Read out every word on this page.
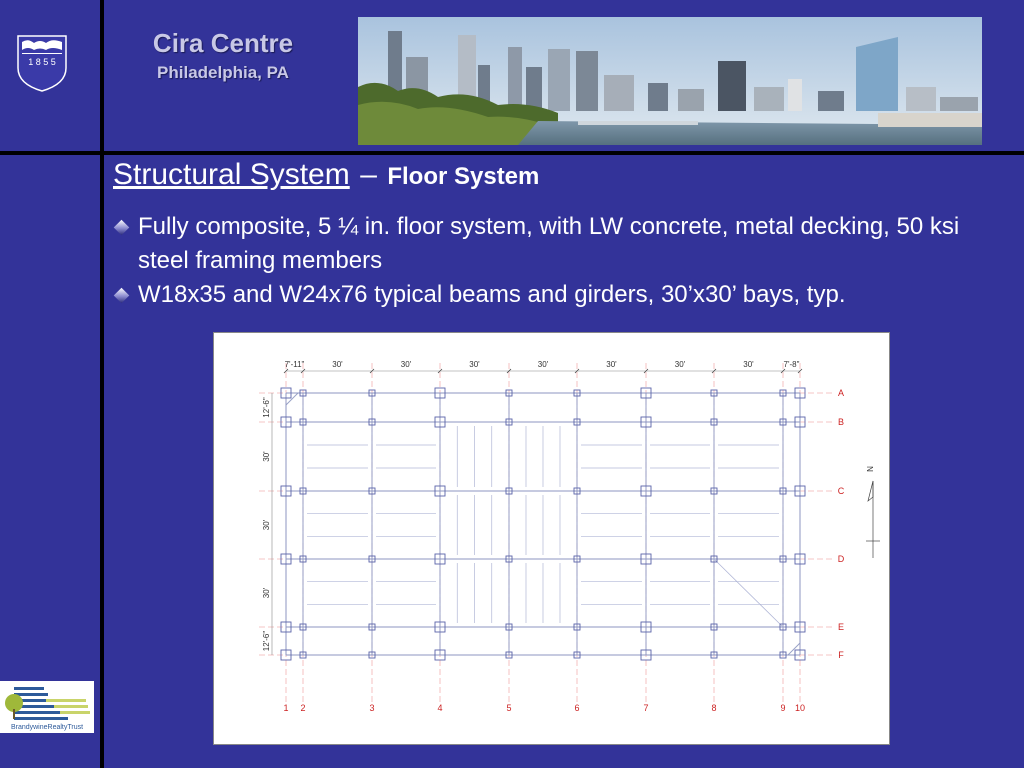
1 8 5 5
Cira Centre
Philadelphia, PA
Structural System – Floor System
Fully composite, 5 ¼ in. floor system, with LW concrete, metal decking, 50 ksi steel framing members
W18x35 and W24x76 typical beams and girders, 30’x30’ bays, typ.
7'-11"	30'	30'	30'	30'	30'	30'	30'	7'-8"
12'-6"
30'
30'
30'
12'-6"
A
B
C
D
E
F
1 2	3	4	5	6	7	8	9 10
N
BrandywineRealtyTrust
